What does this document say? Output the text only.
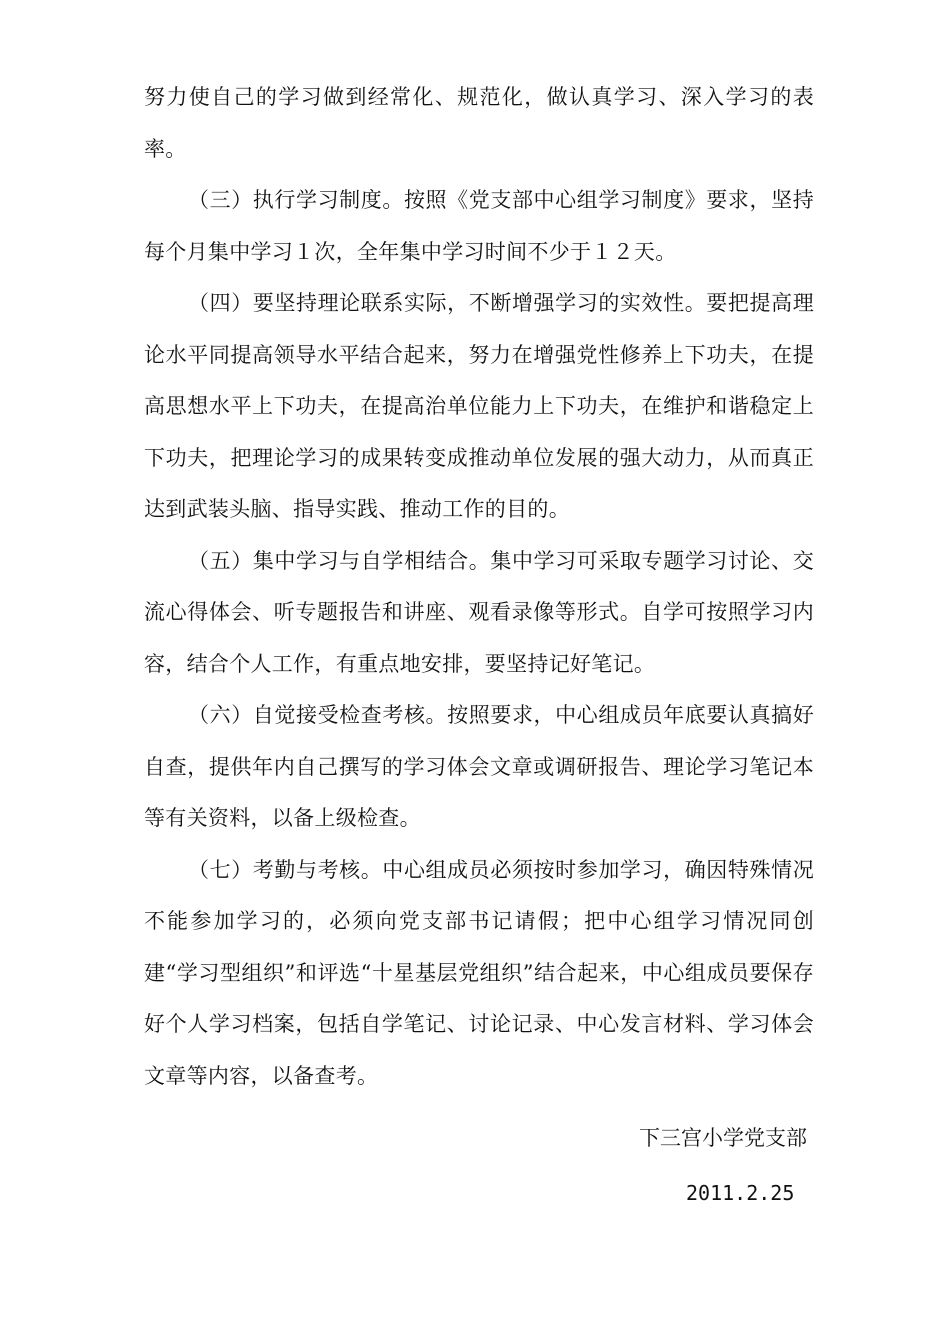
努力使自己的学习做到经常化、规范化，做认真学习、深入学习的表率。

（三）执行学习制度。按照《党支部中心组学习制度》要求，坚持每个月集中学习１次，全年集中学习时间不少于１２天。

（四）要坚持理论联系实际，不断增强学习的实效性。要把提高理论水平同提高领导水平结合起来，努力在增强党性修养上下功夫，在提高思想水平上下功夫，在提高治单位能力上下功夫，在维护和谐稳定上下功夫，把理论学习的成果转变成推动单位发展的强大动力，从而真正达到武装头脑、指导实践、推动工作的目的。

（五）集中学习与自学相结合。集中学习可采取专题学习讨论、交流心得体会、听专题报告和讲座、观看录像等形式。自学可按照学习内容，结合个人工作，有重点地安排，要坚持记好笔记。

（六）自觉接受检查考核。按照要求，中心组成员年底要认真搞好自查，提供年内自己撰写的学习体会文章或调研报告、理论学习笔记本等有关资料，以备上级检查。

（七）考勤与考核。中心组成员必须按时参加学习，确因特殊情况不能参加学习的，必须向党支部书记请假；把中心组学习情况同创建“学习型组织”和评选“十星基层党组织”结合起来，中心组成员要保存好个人学习档案，包括自学笔记、讨论记录、中心发言材料、学习体会文章等内容，以备查考。

下三宫小学党支部
2011.2.25
